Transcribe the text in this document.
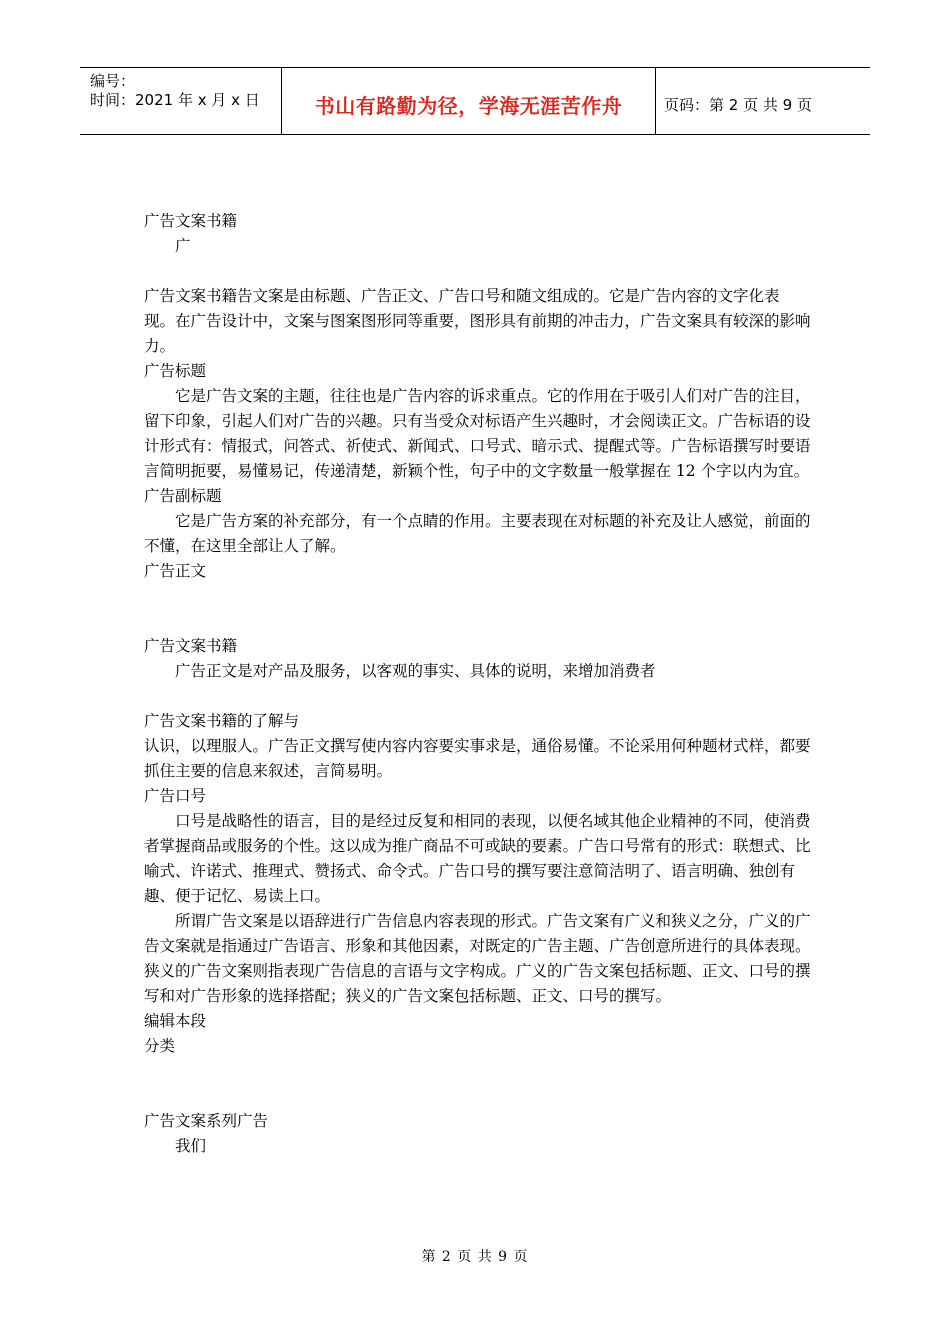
编号：
时间：2021 年 x 月 x 日	书山有路勤为径，学海无涯苦作舟	页码：第 2 页 共 9 页

广告文案书籍

广

广告文案书籍告文案是由标题、广告正文、广告口号和随文组成的。它是广告内容的文字化表

现。在广告设计中，文案与图案图形同等重要，图形具有前期的冲击力，广告文案具有较深的影响力。

广告标题

它是广告文案的主题，往往也是广告内容的诉求重点。它的作用在于吸引人们对广告的注目，留下印象，引起人们对广告的兴趣。只有当受众对标语产生兴趣时，才会阅读正文。广告标语的设计形式有：情报式，问答式、祈使式、新闻式、口号式、暗示式、提醒式等。广告标语撰写时要语言简明扼要，易懂易记，传递清楚，新颖个性，句子中的文字数量一般掌握在 12 个字以内为宜。

广告副标题

它是广告方案的补充部分，有一个点睛的作用。主要表现在对标题的补充及让人感觉，前面的不懂，在这里全部让人了解。

广告正文

广告文案书籍

广告正文是对产品及服务，以客观的事实、具体的说明，来增加消费者

广告文案书籍的了解与

认识，以理服人。广告正文撰写使内容内容要实事求是，通俗易懂。不论采用何种题材式样，都要抓住主要的信息来叙述，言简易明。

广告口号

口号是战略性的语言，目的是经过反复和相同的表现，以便名域其他企业精神的不同，使消费者掌握商品或服务的个性。这以成为推广商品不可或缺的要素。广告口号常有的形式：联想式、比喻式、许诺式、推理式、赞扬式、命令式。广告口号的撰写要注意简洁明了、语言明确、独创有趣、便于记忆、易读上口。

所谓广告文案是以语辞进行广告信息内容表现的形式。广告文案有广义和狭义之分，广义的广告文案就是指通过广告语言、形象和其他因素，对既定的广告主题、广告创意所进行的具体表现。狭义的广告文案则指表现广告信息的言语与文字构成。广义的广告文案包括标题、正文、口号的撰写和对广告形象的选择搭配；狭义的广告文案包括标题、正文、口号的撰写。

编辑本段

分类

广告文案系列广告

我们

第 2 页 共 9 页
